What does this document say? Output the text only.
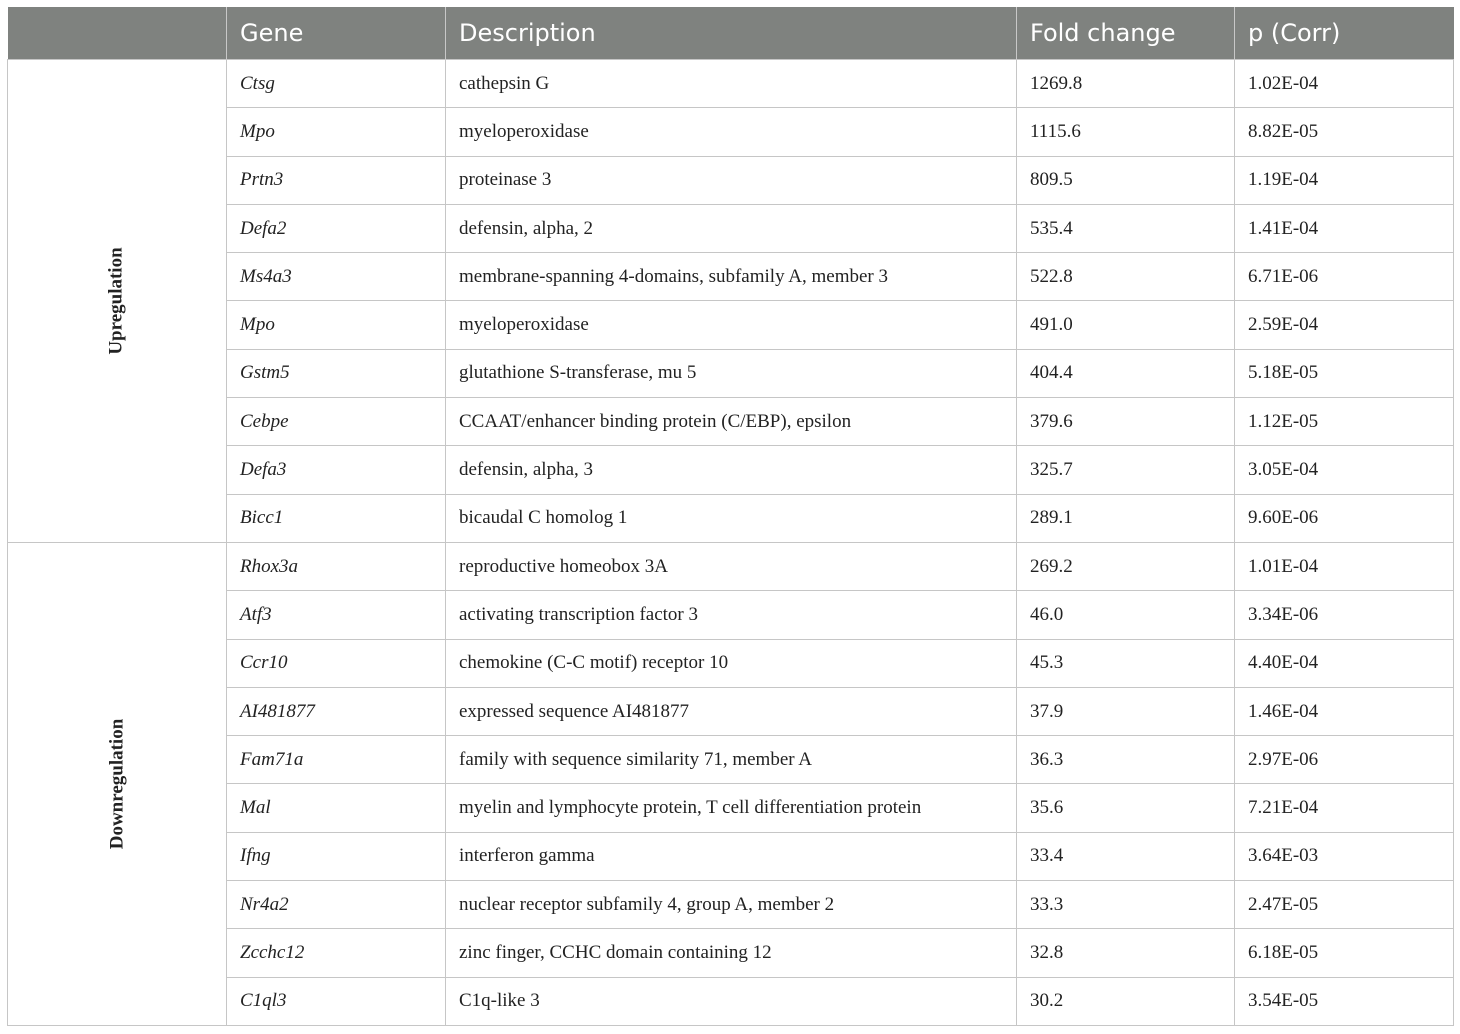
	Gene	Description	Fold change	p (Corr)
Upregulation	Ctsg	cathepsin G	1269.8	1.02E-04
	Mpo	myeloperoxidase	1115.6	8.82E-05
	Prtn3	proteinase 3	809.5	1.19E-04
	Defa2	defensin, alpha, 2	535.4	1.41E-04
	Ms4a3	membrane-spanning 4-domains, subfamily A, member 3	522.8	6.71E-06
	Mpo	myeloperoxidase	491.0	2.59E-04
	Gstm5	glutathione S-transferase, mu 5	404.4	5.18E-05
	Cebpe	CCAAT/enhancer binding protein (C/EBP), epsilon	379.6	1.12E-05
	Defa3	defensin, alpha, 3	325.7	3.05E-04
	Bicc1	bicaudal C homolog 1	289.1	9.60E-06
Downregulation	Rhox3a	reproductive homeobox 3A	269.2	1.01E-04
	Atf3	activating transcription factor 3	46.0	3.34E-06
	Ccr10	chemokine (C-C motif) receptor 10	45.3	4.40E-04
	AI481877	expressed sequence AI481877	37.9	1.46E-04
	Fam71a	family with sequence similarity 71, member A	36.3	2.97E-06
	Mal	myelin and lymphocyte protein, T cell differentiation protein	35.6	7.21E-04
	Ifng	interferon gamma	33.4	3.64E-03
	Nr4a2	nuclear receptor subfamily 4, group A, member 2	33.3	2.47E-05
	Zcchc12	zinc finger, CCHC domain containing 12	32.8	6.18E-05
	C1ql3	C1q-like 3	30.2	3.54E-05
